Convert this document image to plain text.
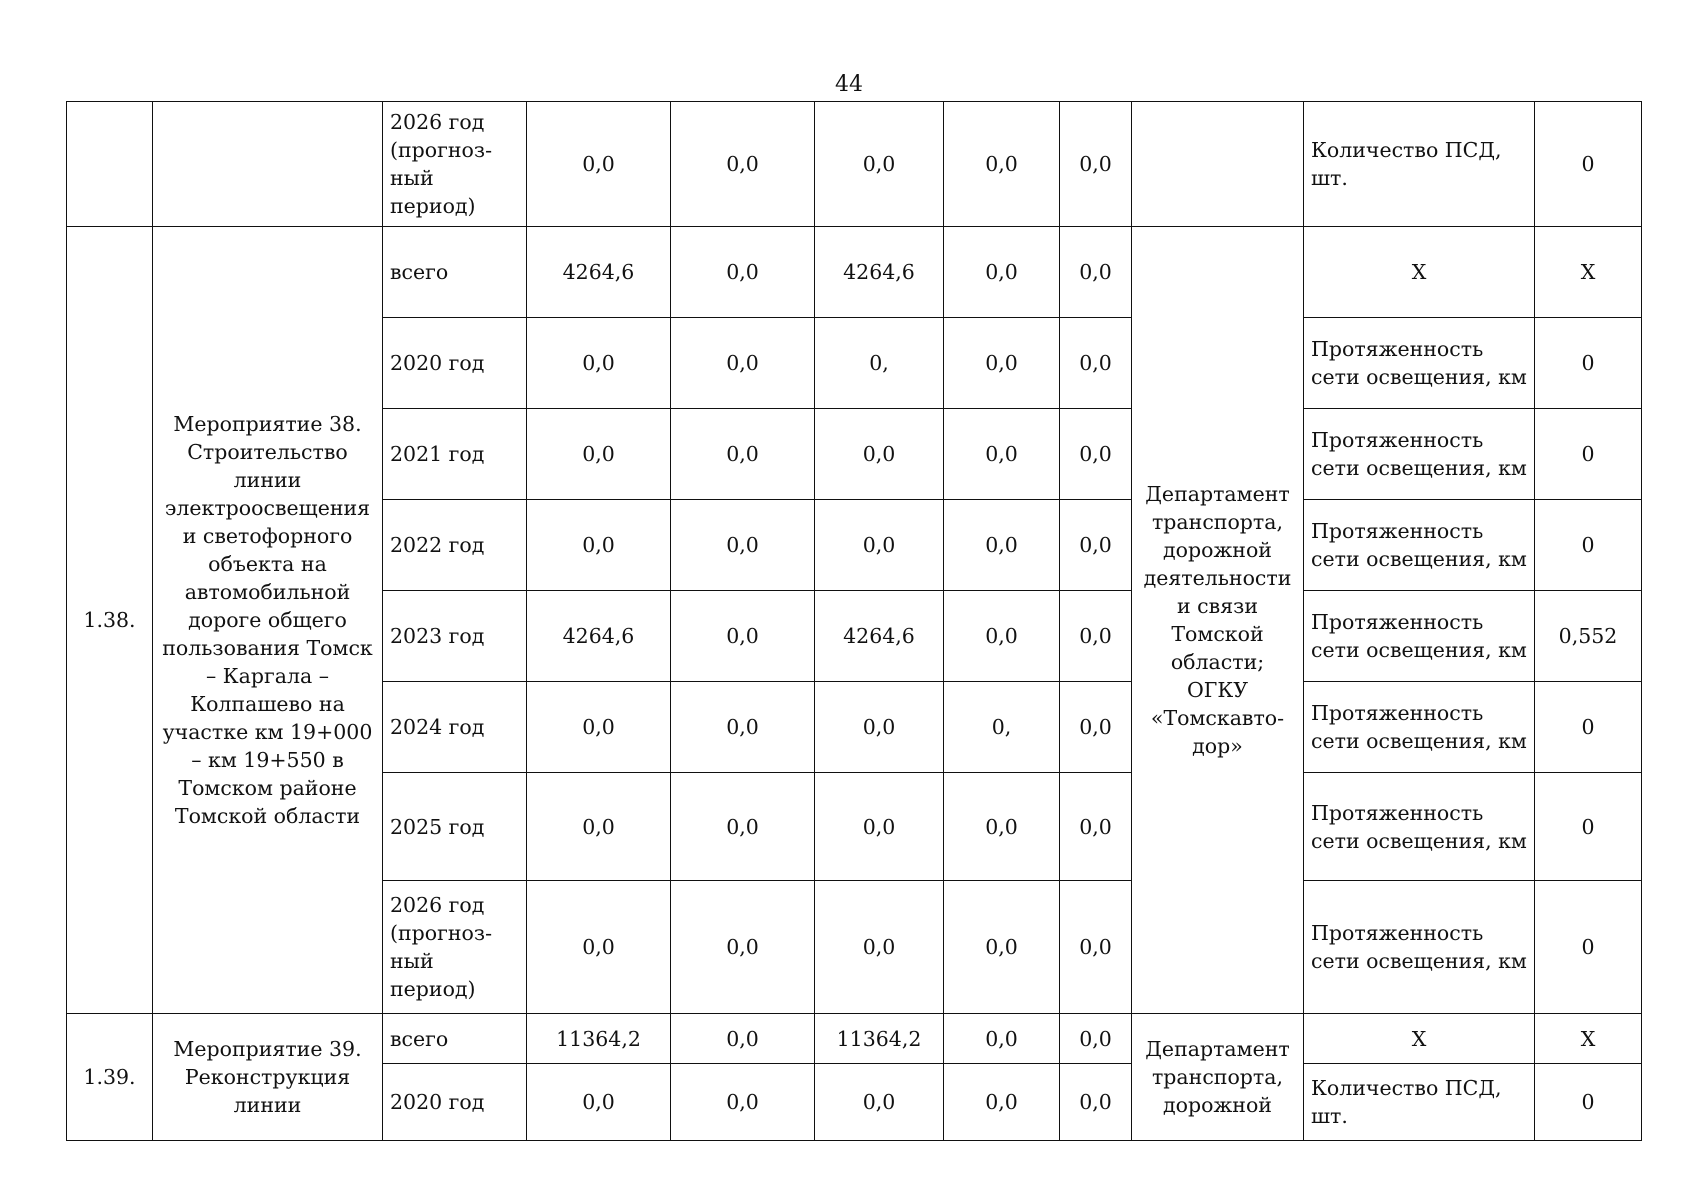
44
		2026 год (прогнозный период)	0,0	0,0	0,0	0,0	0,0		Количество ПСД, шт.	0
1.38.	Мероприятие 38. Строительство линии электроосвещения и светофорного объекта на автомобильной дороге общего пользования Томск – Каргала – Колпашево на участке км 19+000 – км 19+550 в Томском районе Томской области	всего	4264,6	0,0	4264,6	0,0	0,0	Департамент транспорта, дорожной деятельности и связи Томской области; ОГКУ «Томскавтодор»	Х	Х
		2020 год	0,0	0,0	0,	0,0	0,0		Протяженность сети освещения, км	0
		2021 год	0,0	0,0	0,0	0,0	0,0		Протяженность сети освещения, км	0
		2022 год	0,0	0,0	0,0	0,0	0,0		Протяженность сети освещения, км	0
		2023 год	4264,6	0,0	4264,6	0,0	0,0		Протяженность сети освещения, км	0,552
		2024 год	0,0	0,0	0,0	0,	0,0		Протяженность сети освещения, км	0
		2025 год	0,0	0,0	0,0	0,0	0,0		Протяженность сети освещения, км	0
		2026 год (прогнозный период)	0,0	0,0	0,0	0,0	0,0		Протяженность сети освещения, км	0
1.39.	Мероприятие 39. Реконструкция линии	всего	11364,2	0,0	11364,2	0,0	0,0	Департамент транспорта, дорожной	Х	Х
		2020 год	0,0	0,0	0,0	0,0	0,0		Количество ПСД, шт.	0
